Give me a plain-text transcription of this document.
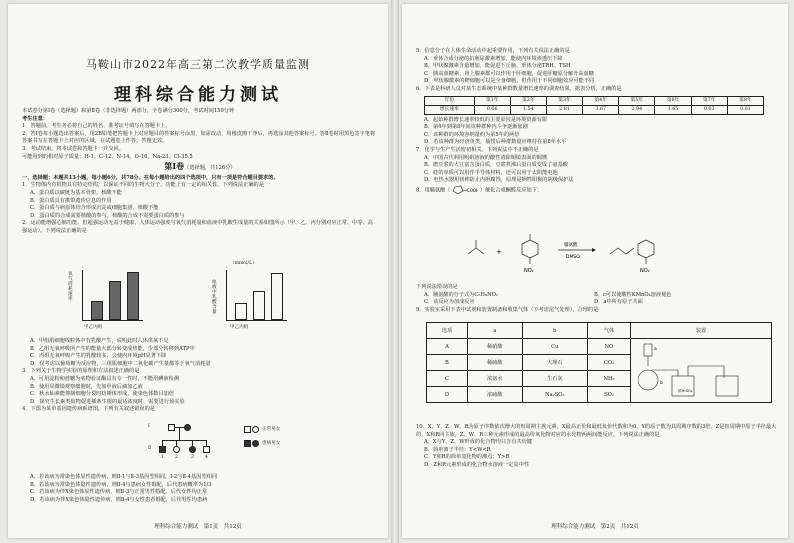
马鞍山市2022年高三第二次教学质量监测
理科综合能力测试
本试卷分第Ⅰ卷（选择题）和第Ⅱ卷（非选择题）两部分，全卷满分300分，考试时间150分钟
考生注意：
1．答题前，考生务必将自己的姓名、准考证号填写在答题卡上。
2．答Ⅰ卷每小题选出答案后，用2B铅笔把答题卡上对应题目的答案标号涂黑，如需改动，用橡皮擦干净后，再选涂其他答案标号。答Ⅱ卷时用黑色签字笔将答案书写在答题卡上对应的区域，在试题卷上作答，答题无效。
3．考试结束，将本试卷和答题卡一并交回。
可能用到的相对原子质量：H-1、C-12、N-14、O-16、Na-23、Cl-35.5
第Ⅰ卷（选择题，共126分）
一、选择题：本题共13小题，每小题6分，共78分。在每小题给出的四个选项中，只有一项是符合题目要求的。
1．生物体内有机物具有特定结构，以保证不同的生物大分子，功能上有一定的相关性。下列说法正确的是
A．蛋白质以碳链为基本骨架，核酸不能
B．蛋白质具有携带遗传信息的作用
C．蛋白质与病原体结合形成沉淀或细胞集团，核酸不能
D．蛋白质的合成需要核酸的参与，核酸的合成不需要蛋白质的参与
2．运动能增强心肺功能。但超强运动无益于健康，人体运动强度与氧气消耗量和血液中乳酸生成量的关系如图所示（甲、乙、丙分别对应正常、中等、高强运动）。下列说法正确的是
氧气消耗速率
甲乙丙组
（mmol/L）
血液中乳酸含量
甲乙丙组
A．甲组肌细胞线粒体中有乳酸产生，说明此时人体供氧不足
B．乙组无氧呼吸所产生的能量大部分转变成热能，少部分转移到ATP中
C．丙组无氧呼吸产生的乳酸较多，会使内环境pH显著下降
D．仅考虑以葡萄糖为反应物，三组肌细胞中二氧化碳产生量都等于氧气消耗量
3．下列关于生物学实验的原理和方法叙述正确的是
A．可用淀粉和蔗糖为底物验证酶具有专一性时，不能用碘液检测
B．使用显微镜观察细胞时，先加甲液后滴加乙液
C．秋水仙素能抑制细胞分裂时纺锤体形成，使染色体数目加倍
D．探究生长素类似物促进插条生根的最适浓度时，需要进行预实验
4．下图为某单基因遗传病系谱图，下列有关叙述错误的是
Ⅰ
Ⅱ
1 2	3 4
正常男女
患病男女
A．若该病为常染色体显性遗传病，则Ⅱ-1与Ⅱ-3基因型相同，Ⅰ-2与Ⅱ-4基因型相同
B．若该病为常染色体隐性遗传病，则Ⅱ-4与患病女性婚配，后代患病概率为1/3
C．若该病为伴X染色体显性遗传病，则Ⅱ-3与正常男性婚配，后代女性均正常
D．若该病为伴X染色体隐性遗传病，则Ⅱ-4与女性患者婚配，后代男性均患病
理科综合能力测试　第1页　共12页
5．信息分子在人体生命活动中起重要作用，下列有关说法正确的是
A．垂体合成分泌的抗利尿激素增加，能使内环境渗透压下降
B．甲状腺激素含量增加，能促进下丘脑、垂体分泌TRH、TSH
C．胰高血糖素、肾上腺素都可以作用于肝细胞，促进肝糖原分解升高血糖
D．甲状腺激素的靶细胞可以是全身细胞，但作用于不同细胞效应可能不同
6．下表是科研人员对某生态系统中某种群数量增长速率的调查结果，据表分析，正确的是
年份	第1年	第2年	第3年	第4年	第5年	第6年	第7年	第8年
增长速率	0.66	1.54	2.81	3.67	2.94	1.65	0.03	0.01
A．起始种群增长速率较低的主要原因是环境资源有限
B．第4年到第8年间该种群种内斗争逐渐加剧
C．该种群的环境容纳量约为第5年的两倍
D．若该种群为经济鱼类，捕捞后种群数量应维持在第8年水平
7．化学与生产生活密切相关。下列说法中不正确的是
A．中国古代利用明矾溶液的酸性清除铜镜表面的铜锈
B．磨豆浆的大豆富含蛋白质，豆浆煮沸后蛋白质变成了氨基酸
C．硅的单质可以用作半导体材料，还可以用于太阳能电池
D．电热水器用镁棒防止内胆腐蚀，原理是牺牲阳极的阴极保护法
8．用脯氨酸（	COOH ）催化合成酮醛反应如下：
+
NO₂
脯氨酸
DMSO
NO₂
下列说法错误的是
A．脯氨酸的分子式为C₅H₉NO₂	B．c可以使酸性KMnO₄溶液褪色
C．该反应为加成反应	D．a中所有原子共面
9．实验室采用下表中试剂和装置制备和收集气体（不考虑尾气处理），合理的是
选项	a	b	气体	装置
A	稀硝酸	Cu	NO	
B	稀硫酸	大理石	CO₂	
C	浓氨水	生石灰	NH₃	
D	浓硫酸	Na₂SO₃	SO₂	
a
b
浓H₂SO₄
10．X、Y、Z、W、R为原子序数依次增大的短周期主族元素，X最高正价和最低负价代数和为0，Y的原子数为其周期序数的3倍，Z是短周期中原子半径最大的，X和R同主族，Z、W、R三种元素形成的最高价氧化物对应的水化物两两间能反应。下列说法正确的是
A．X与Y、Z、W形成的化合物均只含有共价键
B．简单离子半径：Y<W<R
C．Y和R的简单氢化物的沸点：Y>R
D．Z和R元素形成的化合物水溶液一定显中性
理科综合能力测试　第2页　共12页
